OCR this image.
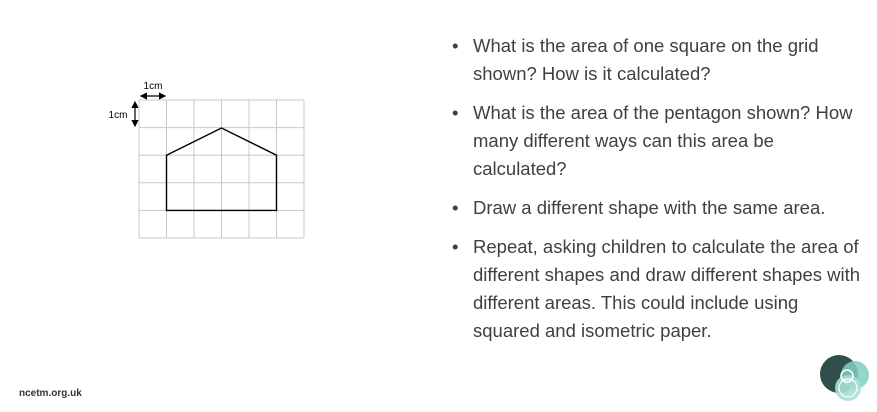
1cm
1cm
• What is the area of one square on the grid shown? How is it calculated?
• What is the area of the pentagon shown? How many different ways can this area be calculated?
• Draw a different shape with the same area.
• Repeat, asking children to calculate the area of different shapes and draw different shapes with different areas. This could include using squared and isometric paper.
ncetm.org.uk
